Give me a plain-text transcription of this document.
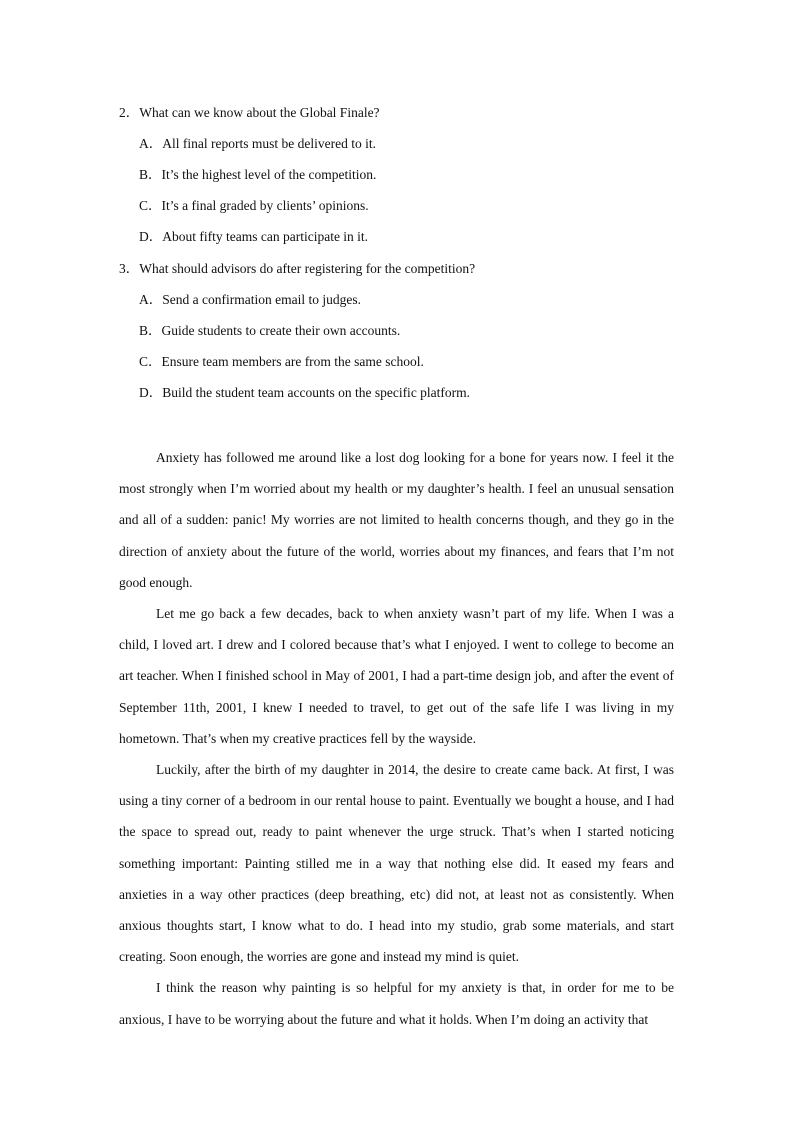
2．What can we know about the Global Finale?
A．All final reports must be delivered to it.
B．It’s the highest level of the competition.
C．It’s a final graded by clients’ opinions.
D．About fifty teams can participate in it.
3．What should advisors do after registering for the competition?
A．Send a confirmation email to judges.
B．Guide students to create their own accounts.
C．Ensure team members are from the same school.
D．Build the student team accounts on the specific platform.

Anxiety has followed me around like a lost dog looking for a bone for years now. I feel it the most strongly when I’m worried about my health or my daughter’s health. I feel an unusual sensation and all of a sudden: panic! My worries are not limited to health concerns though, and they go in the direction of anxiety about the future of the world, worries about my finances, and fears that I’m not good enough.

Let me go back a few decades, back to when anxiety wasn’t part of my life. When I was a child, I loved art. I drew and I colored because that’s what I enjoyed. I went to college to become an art teacher. When I finished school in May of 2001, I had a part-time design job, and after the event of September 11th, 2001, I knew I needed to travel, to get out of the safe life I was living in my hometown. That’s when my creative practices fell by the wayside.

Luckily, after the birth of my daughter in 2014, the desire to create came back. At first, I was using a tiny corner of a bedroom in our rental house to paint. Eventually we bought a house, and I had the space to spread out, ready to paint whenever the urge struck. That’s when I started noticing something important: Painting stilled me in a way that nothing else did. It eased my fears and anxieties in a way other practices (deep breathing, etc) did not, at least not as consistently. When anxious thoughts start, I know what to do. I head into my studio, grab some materials, and start creating. Soon enough, the worries are gone and instead my mind is quiet.

I think the reason why painting is so helpful for my anxiety is that, in order for me to be anxious, I have to be worrying about the future and what it holds. When I’m doing an activity that
